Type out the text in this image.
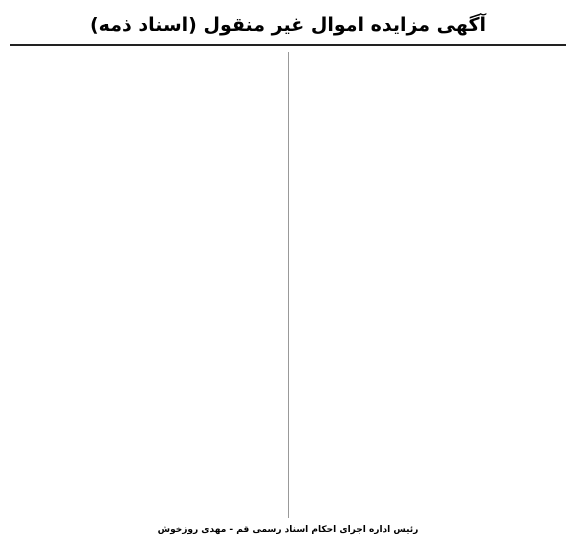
آگهی مزایده اموال غیر منقول (اسناد ذمه)
رئیس اداره اجرای احکام اسناد رسمی قم - مهدی روزخوش
